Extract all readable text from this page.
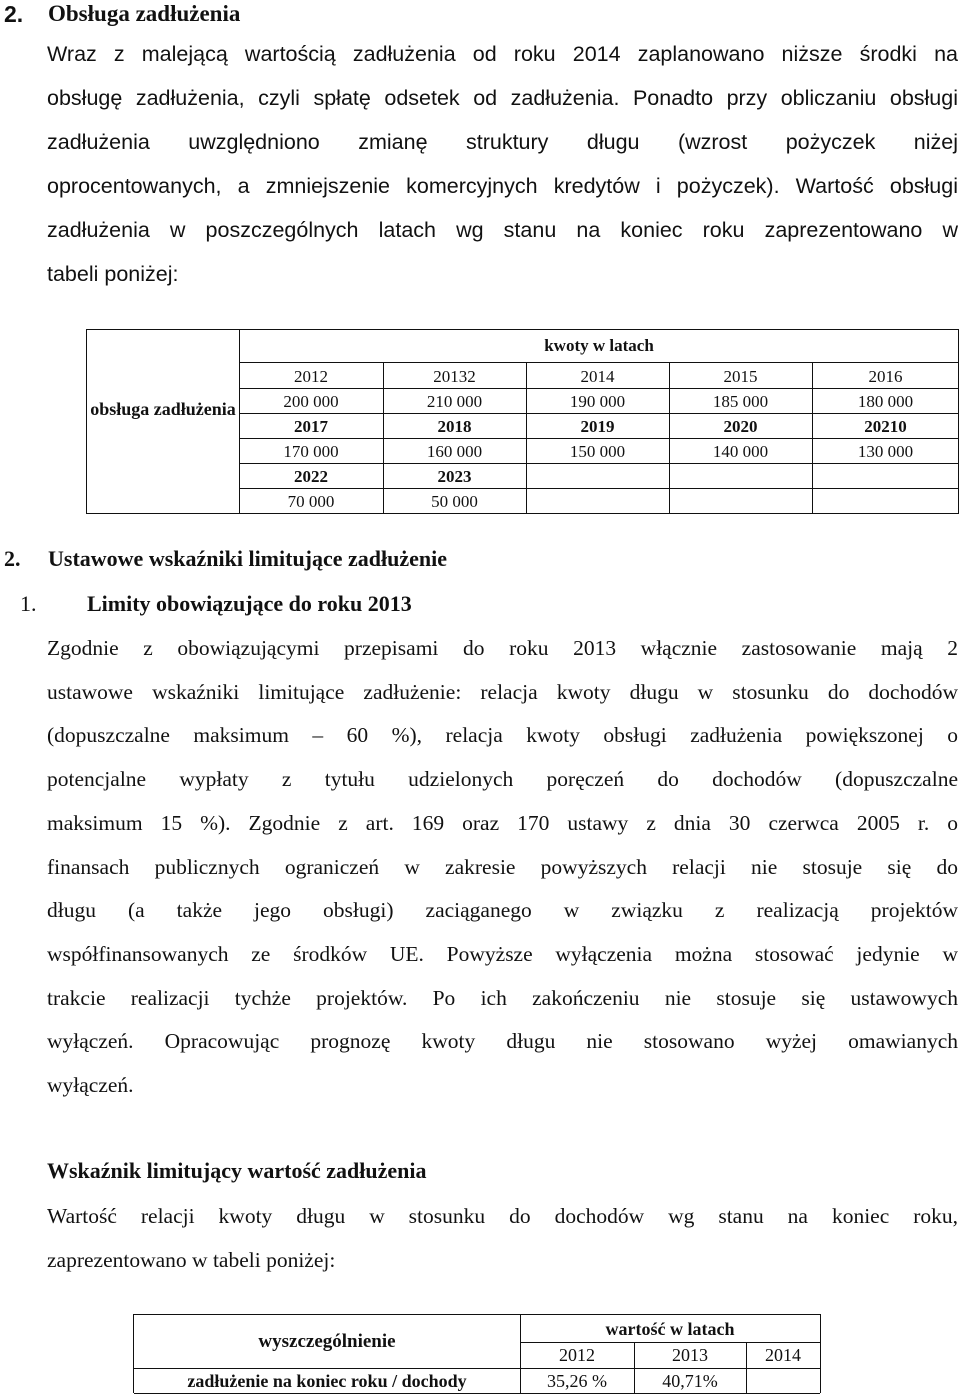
2. Obsługa zadłużenia
Wraz z malejącą wartością zadłużenia od roku 2014 zaplanowano niższe środki na
obsługę zadłużenia, czyli spłatę odsetek od zadłużenia. Ponadto przy obliczaniu obsługi
zadłużenia uwzględniono zmianę struktury długu (wzrost pożyczek niżej
oprocentowanych, a zmniejszenie komercyjnych kredytów i pożyczek). Wartość obsługi
zadłużenia w poszczególnych latach wg stanu na koniec roku zaprezentowano w
tabeli poniżej:
obsługa zadłużenia
kwoty w latach
2012	20132	2014	2015	2016
200 000	210 000	190 000	185 000	180 000
2017	2018	2019	2020	20210
170 000	160 000	150 000	140 000	130 000
2022	2023
70 000	50 000
2. Ustawowe wskaźniki limitujące zadłużenie
1. Limity obowiązujące do roku 2013
Zgodnie z obowiązującymi przepisami do roku 2013 włącznie zastosowanie mają 2
ustawowe wskaźniki limitujące zadłużenie: relacja kwoty długu w stosunku do dochodów
(dopuszczalne maksimum – 60 %), relacja kwoty obsługi zadłużenia powiększonej o
potencjalne wypłaty z tytułu udzielonych poręczeń do dochodów (dopuszczalne
maksimum 15 %). Zgodnie z art. 169 oraz 170 ustawy z dnia 30 czerwca 2005 r. o
finansach publicznych ograniczeń w zakresie powyższych relacji nie stosuje się do
długu (a także jego obsługi) zaciąganego w związku z realizacją projektów
współfinansowanych ze środków UE. Powyższe wyłączenia można stosować jedynie w
trakcie realizacji tychże projektów. Po ich zakończeniu nie stosuje się ustawowych
wyłączeń. Opracowując prognozę kwoty długu nie stosowano wyżej omawianych
wyłączeń.
Wskaźnik limitujący wartość zadłużenia
Wartość relacji kwoty długu w stosunku do dochodów wg stanu na koniec roku,
zaprezentowano w tabeli poniżej:
wyszczególnienie
wartość w latach
2012	2013	2014
zadłużenie na koniec roku / dochody	35,26 %	40,71%
